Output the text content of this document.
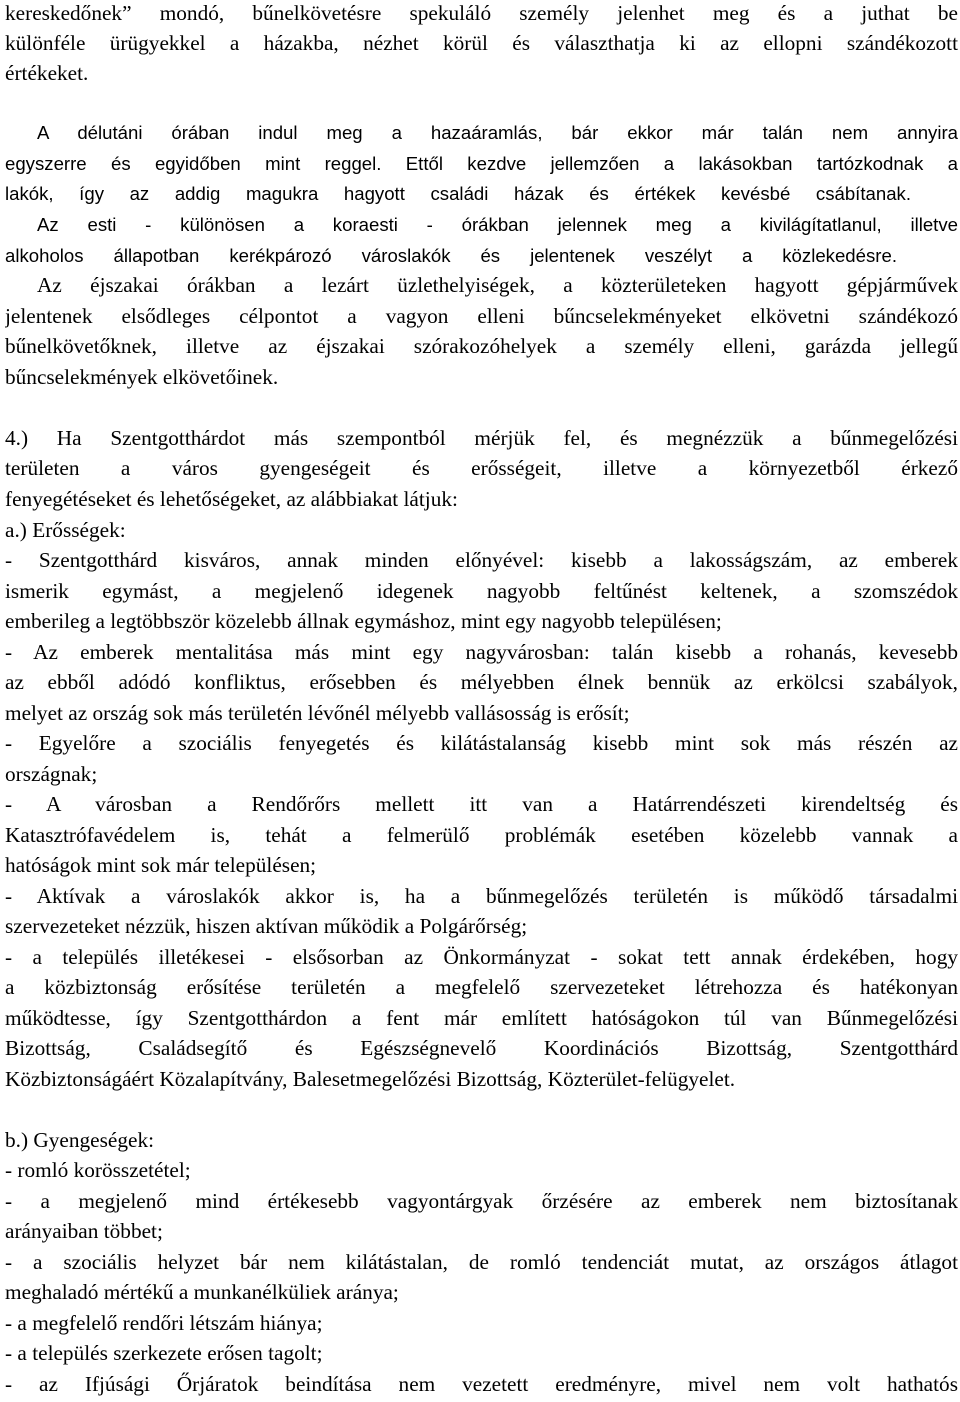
kereskedőnek” mondó, bűnelkövetésre spekuláló személy jelenhet meg és a juthat be
különféle ürügyekkel a házakba, nézhet körül és választhatja ki az ellopni szándékozott
értékeket.
A délutáni órában indul meg a hazaáramlás, bár ekkor már talán nem annyira
egyszerre és egyidőben mint reggel. Ettől kezdve jellemzően a lakásokban tartózkodnak a
lakók, így az addig magukra hagyott családi házak és értékek kevésbé csábítanak.
Az esti - különösen a koraesti - órákban jelennek meg a kivilágítatlanul, illetve
alkoholos állapotban kerékpározó városlakók és jelentenek veszélyt a közlekedésre.
Az éjszakai órákban a lezárt üzlethelyiségek, a közterületeken hagyott gépjárművek
jelentenek elsődleges célpontot a vagyon elleni bűncselekményeket elkövetni szándékozó
bűnelkövetőknek, illetve az éjszakai szórakozóhelyek a személy elleni, garázda jellegű
bűncselekmények elkövetőinek.
4.) Ha Szentgotthárdot más szempontból mérjük fel, és megnézzük a bűnmegelőzési
területen a város gyengeségeit és erősségeit, illetve a környezetből érkező
fenyegétéseket és lehetőségeket, az alábbiakat látjuk:
a.) Erősségek:
- Szentgotthárd kisváros, annak minden előnyével: kisebb a lakosságszám, az emberek
ismerik egymást, a megjelenő idegenek nagyobb feltűnést keltenek, a szomszédok
emberileg a legtöbbször közelebb állnak egymáshoz, mint egy nagyobb településen;
- Az emberek mentalitása más mint egy nagyvárosban: talán kisebb a rohanás, kevesebb
az ebből adódó konfliktus, erősebben és mélyebben élnek bennük az erkölcsi szabályok,
melyet az ország sok más területén lévőnél mélyebb vallásosság is erősít;
- Egyelőre a szociális fenyegetés és kilátástalanság kisebb mint sok más részén az
országnak;
- A városban a Rendőrőrs mellett itt van a Határrendészeti kirendeltség és
Katasztrófavédelem is, tehát a felmerülő problémák esetében közelebb vannak a
hatóságok mint sok már településen;
- Aktívak a városlakók akkor is, ha a bűnmegelőzés területén is működő társadalmi
szervezeteket nézzük, hiszen aktívan működik a Polgárőrség;
- a település illetékesei - elsősorban az Önkormányzat - sokat tett annak érdekében, hogy
a közbiztonság erősítése területén a megfelelő szervezeteket létrehozza és hatékonyan
működtesse, így Szentgotthárdon a fent már említett hatóságokon túl van Bűnmegelőzési
Bizottság, Családsegítő és Egészségnevelő Koordinációs Bizottság, Szentgotthárd
Közbiztonságáért Közalapítvány, Balesetmegelőzési Bizottság, Közterület-felügyelet.
b.) Gyengeségek:
- romló korösszetétel;
- a megjelenő mind értékesebb vagyontárgyak őrzésére az emberek nem biztosítanak
arányaiban többet;
- a szociális helyzet bár nem kilátástalan, de romló tendenciát mutat, az országos átlagot
meghaladó mértékű a munkanélküliek aránya;
- a megfelelő rendőri létszám hiánya;
- a település szerkezete erősen tagolt;
- az Ifjúsági Őrjáratok beindítása nem vezetett eredményre, mivel nem volt hathatós
